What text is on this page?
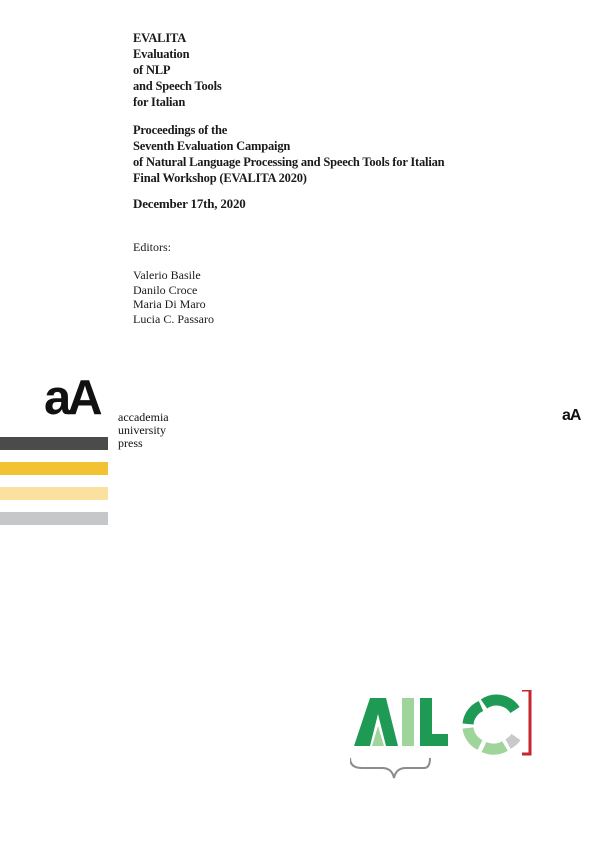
EVALITA
Evaluation
of NLP
and Speech Tools
for Italian
Proceedings of the
Seventh Evaluation Campaign
of Natural Language Processing and Speech Tools for Italian
Final Workshop (EVALITA 2020)
December 17th, 2020
Editors:
Valerio Basile
Danilo Croce
Maria Di Maro
Lucia C. Passaro
aA accademia
university
press
aA
